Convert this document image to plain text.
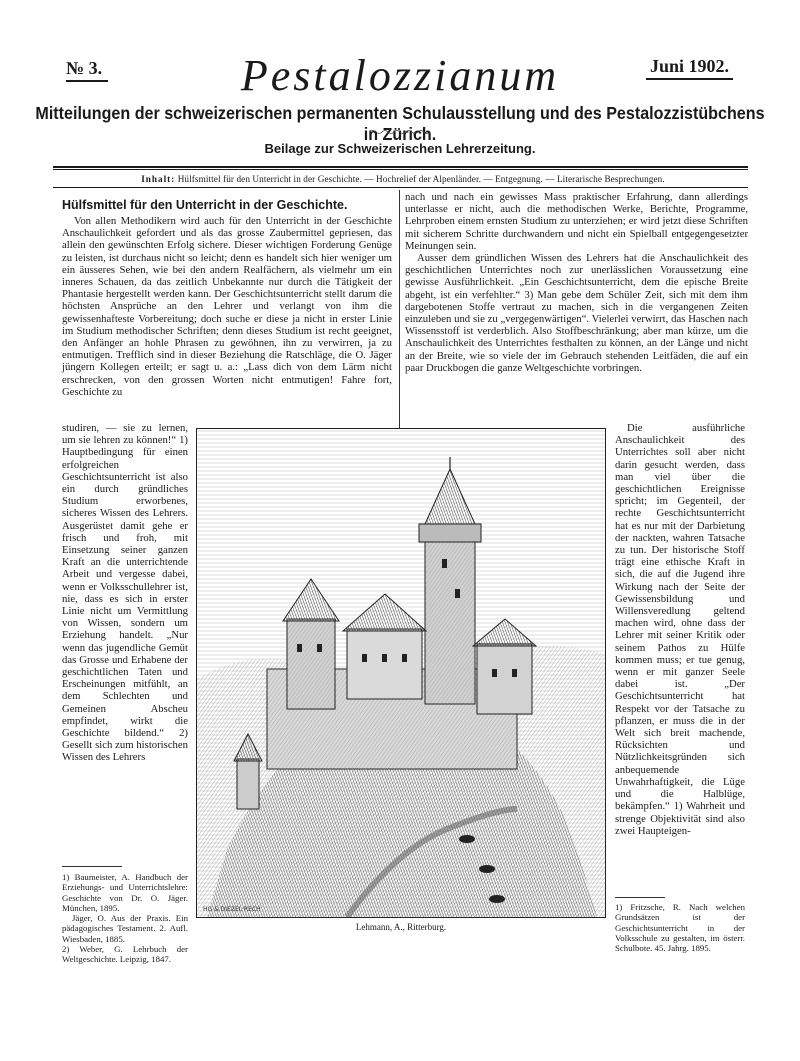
№ 3.	Juni 1902.
Pestalozzianum
Mitteilungen der schweizerischen permanenten Schulausstellung und des Pestalozzistübchens in Zürich.
Beilage zur Schweizerischen Lehrerzeitung.
Inhalt: Hülfsmittel für den Unterricht in der Geschichte. — Hochrelief der Alpenländer. — Entgegnung. — Literarische Besprechungen.
Hülfsmittel für den Unterricht in der Geschichte.

Von allen Methodikern wird auch für den Unterricht in der Geschichte Anschaulichkeit gefordert und als das grosse Zaubermittel gepriesen, das allein den gewünschten Erfolg sichere. Dieser wichtigen Forderung Genüge zu leisten, ist durchaus nicht so leicht; denn es handelt sich hier weniger um ein äusseres Sehen, wie bei den andern Realfächern, als vielmehr um ein inneres Schauen, da das zeitlich Unbekannte nur durch die Tätigkeit der Phantasie hergestellt werden kann. Der Geschichtsunterricht stellt darum die höchsten Ansprüche an den Lehrer und verlangt von ihm die gewissenhafteste Vorbereitung; doch suche er diese ja nicht in erster Linie im Studium methodischer Schriften; denn dieses Studium ist recht geeignet, den Anfänger an hohle Phrasen zu gewöhnen, ihn zu verwirren, ja zu entmutigen. Trefflich sind in dieser Beziehung die Ratschläge, die O. Jäger jüngern Kollegen erteilt; er sagt u. a.: „Lass dich von dem Lärm nicht erschrecken, von den grossen Worten nicht entmutigen! Fahre fort, Geschichte zu

studiren, — sie zu lernen, um sie lehren zu können!“ 1) Hauptbedingung für einen erfolgreichen Geschichtsunterricht ist also ein durch gründliches Studium erworbenes, sicheres Wissen des Lehrers. Ausgerüstet damit gehe er frisch und froh, mit Einsetzung seiner ganzen Kraft an die unterrichtende Arbeit und vergesse dabei, wenn er Volksschullehrer ist, nie, dass es sich in erster Linie nicht um Vermittlung von Wissen, sondern um Erziehung handelt. „Nur wenn das jugendliche Gemüt das Grosse und Erhabene der geschichtlichen Taten und Erscheinungen mitfühlt, an dem Schlechten und Gemeinen Abscheu empfindet, wirkt die Geschichte bildend.“ 2) Gesellt sich zum historischen Wissen des Lehrers

nach und nach ein gewisses Mass praktischer Erfahrung, dann allerdings unterlasse er nicht, auch die methodischen Werke, Berichte, Programme, Lehrproben einem ernsten Studium zu unterziehen; er wird jetzt diese Schriften mit sicherem Schritte durchwandern und nicht ein Spielball entgegengesetzter Meinungen sein.

Ausser dem gründlichen Wissen des Lehrers hat die Anschaulichkeit des geschichtlichen Unterrichtes noch zur unerlässlichen Voraussetzung eine gewisse Ausführlichkeit. „Ein Geschichtsunterricht, dem die epische Breite abgeht, ist ein verfehlter.“ 3) Man gebe dem Schüler Zeit, sich mit dem ihm dargebotenen Stoffe vertraut zu machen, sich in die vergangenen Zeiten einzuleben und sie zu „vergegenwärtigen“. Vielerlei verwirrt, das Haschen nach Wissensstoff ist verderblich. Also Stoffbeschränkung; aber man kürze, um die Anschaulichkeit des Unterrichtes festhalten zu können, an der Länge und nicht an der Breite, wie so viele der im Gebrauch stehenden Leitfäden, die auf ein paar Druckbogen die ganze Weltgeschichte vorbringen.

Die ausführliche Anschaulichkeit des Unterrichtes soll aber nicht darin gesucht werden, dass man viel über die geschichtlichen Ereignisse spricht; im Gegenteil, der rechte Geschichtsunterricht hat es nur mit der Darbietung der nackten, wahren Tatsache zu tun. Der historische Stoff trägt eine ethische Kraft in sich, die auf die Jugend ihre Wirkung nach der Seite der Gewissensbildung und Willensveredlung geltend machen wird, ohne dass der Lehrer mit seiner Kritik oder seinem Pathos zu Hülfe kommen muss; er tue genug, wenn er mit ganzer Seele dabei ist. „Der Geschichtsunterricht hat Respekt vor der Tatsache zu pflanzen, er muss die in der Welt sich breit machende, Rücksichten und Nützlichkeitsgründen sich anbequemende Unwahrhaftigkeit, die Lüge und die Halblüge, bekämpfen.“ 1) Wahrheit und strenge Objektivität sind also zwei Haupteigen-

HG & DIEZEL·RECH
Lehmann, A., Ritterburg.

1) Baumeister, A. Handbuch der Erziehungs- und Unterrichtslehre: Geschichte von Dr. O. Jäger. München, 1895.

Jäger, O. Aus der Praxis. Ein pädagogisches Testament. 2. Aufl. Wiesbaden, 1885.

2) Weber, G. Lehrbuch der Weltgeschichte. Leipzig, 1847.

1) Fritzsche, R. Nach welchen Grundsätzen ist der Geschichtsunterricht in der Volksschule zu gestalten, im österr. Schulbote. 45. Jahrg. 1895.
